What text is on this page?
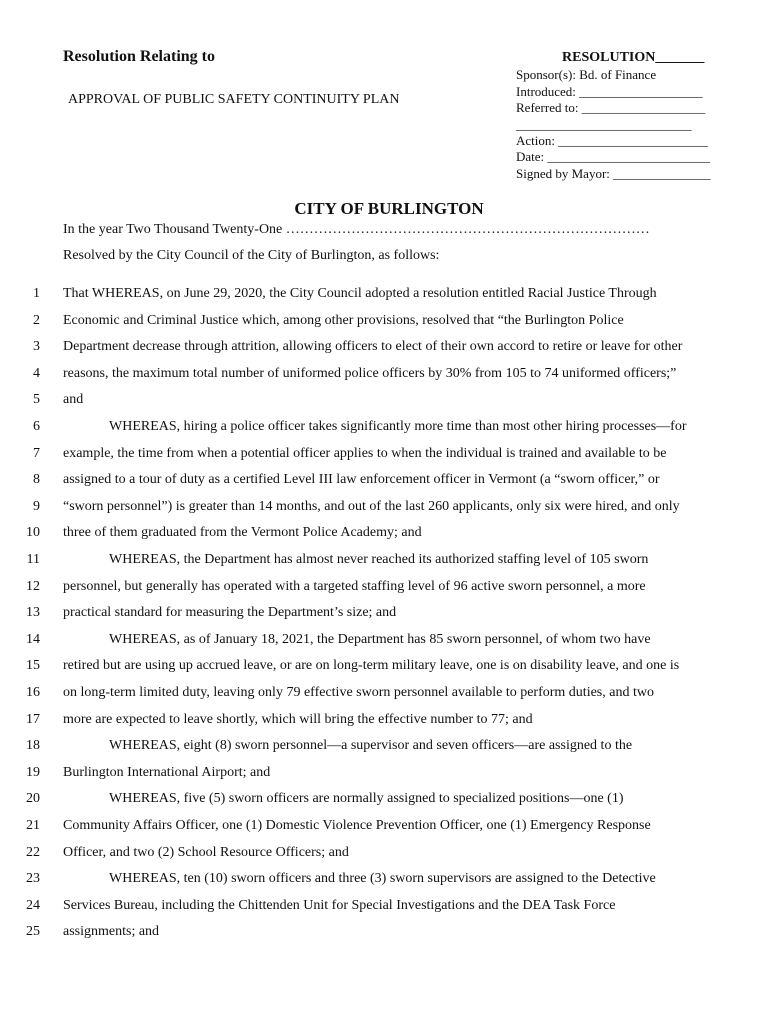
Resolution Relating to
APPROVAL OF PUBLIC SAFETY CONTINUITY PLAN
RESOLUTION_______
Sponsor(s): Bd. of Finance
Introduced: ___________________
Referred to: ___________________
___________________________
Action: _______________________
Date: _________________________
Signed by Mayor: _______________
CITY OF BURLINGTON
In the year Two Thousand Twenty-One ……………………………………………………………………
Resolved by the City Council of the City of Burlington, as follows:
1 That WHEREAS, on June 29, 2020, the City Council adopted a resolution entitled Racial Justice Through
2 Economic and Criminal Justice which, among other provisions, resolved that “the Burlington Police
3 Department decrease through attrition, allowing officers to elect of their own accord to retire or leave for other
4 reasons, the maximum total number of uniformed police officers by 30% from 105 to 74 uniformed officers;”
5 and
6	WHEREAS, hiring a police officer takes significantly more time than most other hiring processes—for
7 example, the time from when a potential officer applies to when the individual is trained and available to be
8 assigned to a tour of duty as a certified Level III law enforcement officer in Vermont (a “sworn officer,” or
9 “sworn personnel”) is greater than 14 months, and out of the last 260 applicants, only six were hired, and only
10 three of them graduated from the Vermont Police Academy; and
11	WHEREAS, the Department has almost never reached its authorized staffing level of 105 sworn
12 personnel, but generally has operated with a targeted staffing level of 96 active sworn personnel, a more
13 practical standard for measuring the Department’s size; and
14	WHEREAS, as of January 18, 2021, the Department has 85 sworn personnel, of whom two have
15 retired but are using up accrued leave, or are on long-term military leave, one is on disability leave, and one is
16 on long-term limited duty, leaving only 79 effective sworn personnel available to perform duties, and two
17 more are expected to leave shortly, which will bring the effective number to 77; and
18	WHEREAS, eight (8) sworn personnel—a supervisor and seven officers—are assigned to the
19 Burlington International Airport; and
20	WHEREAS, five (5) sworn officers are normally assigned to specialized positions—one (1)
21 Community Affairs Officer, one (1) Domestic Violence Prevention Officer, one (1) Emergency Response
22 Officer, and two (2) School Resource Officers; and
23	WHEREAS, ten (10) sworn officers and three (3) sworn supervisors are assigned to the Detective
24 Services Bureau, including the Chittenden Unit for Special Investigations and the DEA Task Force
25 assignments; and
